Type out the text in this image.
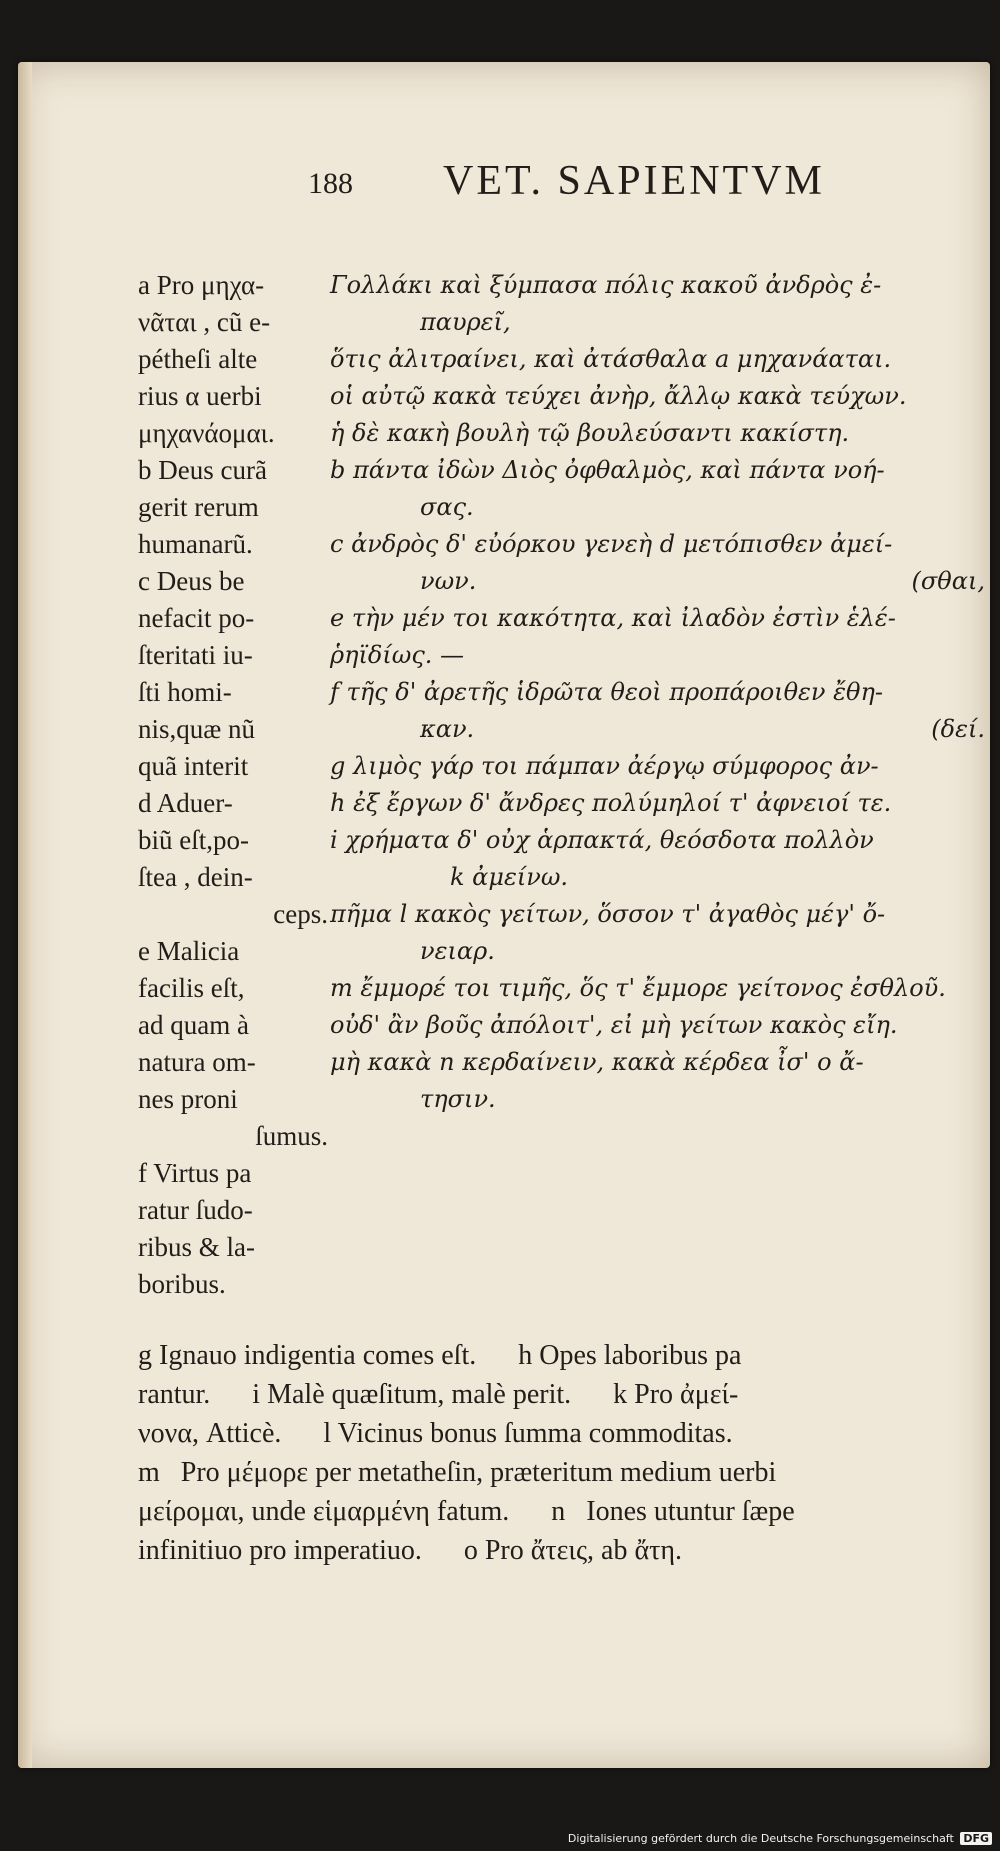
188 VET. SAPIENTVM
a Pro μηχα-
νᾶται , cũ e-
pétheſi alte
rius α uerbi
μηχανάομαι.
b Deus curã
gerit rerum
humanarũ.
c Deus be
nefacit po-
ſteritati iu-
ſti homi-
nis,quæ nũ
quã interit
d Aduer-
biũ eſt,po-
ſtea , dein-
ceps.
e Malicia
facilis eſt,
ad quam à
natura om-
nes proni
ſumus.
f Virtus pa
ratur ſudo-
ribus & la-
boribus.
Γολλάκι καὶ ξύμπασα πόλις κακοῦ ἀνδρὸς ἐ-
παυρεῖ,
ὅτις ἀλιτραίνει, καὶ ἀτάσθαλα a μηχανάαται.
οἱ αὐτῷ κακὰ τεύχει ἀνὴρ, ἄλλῳ κακὰ τεύχων.
ἡ δὲ κακὴ βουλὴ τῷ βουλεύσαντι κακίστη.
b πάντα ἰδὼν Διὸς ὀφθαλμὸς, καὶ πάντα νοή-
σας.
c ἀνδρὸς δ' εὐόρκου γενεὴ d μετόπισθεν ἀμεί-
νων.	(σθαι,
e τὴν μέν τοι κακότητα, καὶ ἰλαδὸν ἐστὶν ἑλέ-
ῥηϊδίως. —
f τῆς δ' ἀρετῆς ἱδρῶτα θεοὶ προπάροιθεν ἔθη-
καν.	(δεί.
g λιμὸς γάρ τοι πάμπαν ἀέργῳ σύμφορος ἀν-
h ἐξ ἔργων δ' ἄνδρες πολύμηλοί τ' ἀφνειοί τε.
i χρήματα δ' οὐχ ἁρπακτά, θεόσδοτα πολλὸν
k ἀμείνω.
πῆμα l κακὸς γείτων, ὅσσον τ' ἀγαθὸς μέγ' ὄ-
νειαρ.
m ἔμμορέ τοι τιμῆς, ὅς τ' ἔμμορε γείτονος ἐσθλοῦ.
οὐδ' ἂν βοῦς ἀπόλοιτ', εἰ μὴ γείτων κακὸς εἴη.
μὴ κακὰ n κερδαίνειν, κακὰ κέρδεα ἶσ' o ἄ-
τησιν.
g Ignauo indigentia comes eſt.      h Opes laboribus pa
rantur.      i Malè quæſitum, malè perit.      k Pro ἀμεί-
νονα, Atticè.      l Vicinus bonus ſumma commoditas.
m   Pro μέμορε per metatheſin, præteritum medium uerbi
μείρομαι, unde εἱμαρμένη fatum.      n   Iones utuntur ſæpe
infinitiuo pro imperatiuo.      o Pro ἄτεις, ab ἄτη.
Digitalisierung gefördert durch die Deutsche Forschungsgemeinschaft DFG
